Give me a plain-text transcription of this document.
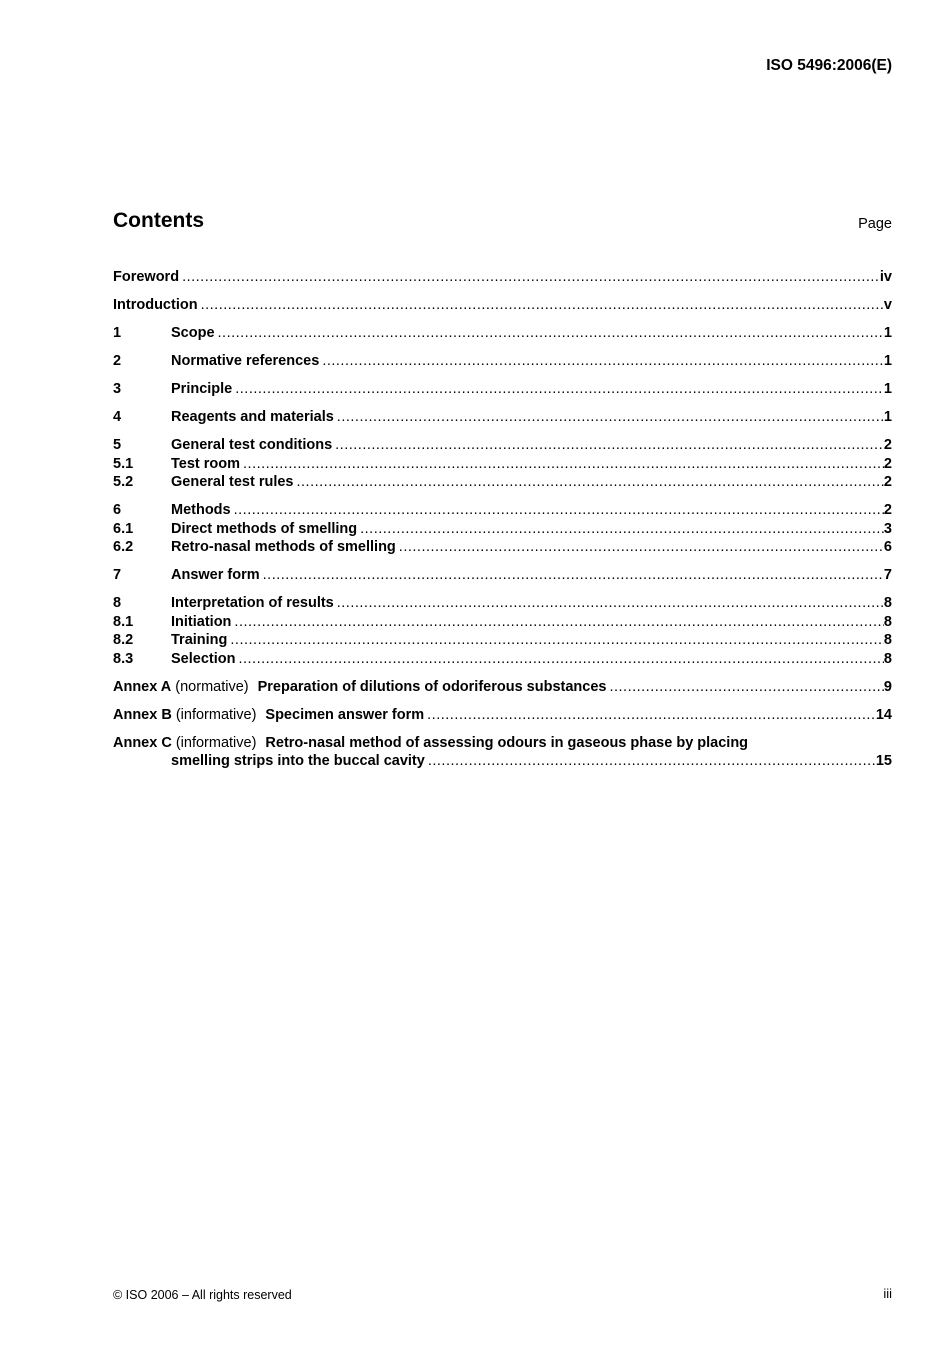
ISO 5496:2006(E)
Contents	Page
Foreword .....	iv
Introduction .....	v
1	Scope .....	1
2	Normative references .....	1
3	Principle .....	1
4	Reagents and materials .....	1
5	General test conditions .....	2
5.1	Test room .....	2
5.2	General test rules .....	2
6	Methods .....	2
6.1	Direct methods of smelling .....	3
6.2	Retro-nasal methods of smelling .....	6
7	Answer form .....	7
8	Interpretation of results .....	8
8.1	Initiation .....	8
8.2	Training .....	8
8.3	Selection .....	8
Annex A (normative) Preparation of dilutions of odoriferous substances .....	9
Annex B (informative) Specimen answer form .....	14
Annex C (informative) Retro-nasal method of assessing odours in gaseous phase by placing
smelling strips into the buccal cavity .....	15
© ISO 2006 – All rights reserved	iii
